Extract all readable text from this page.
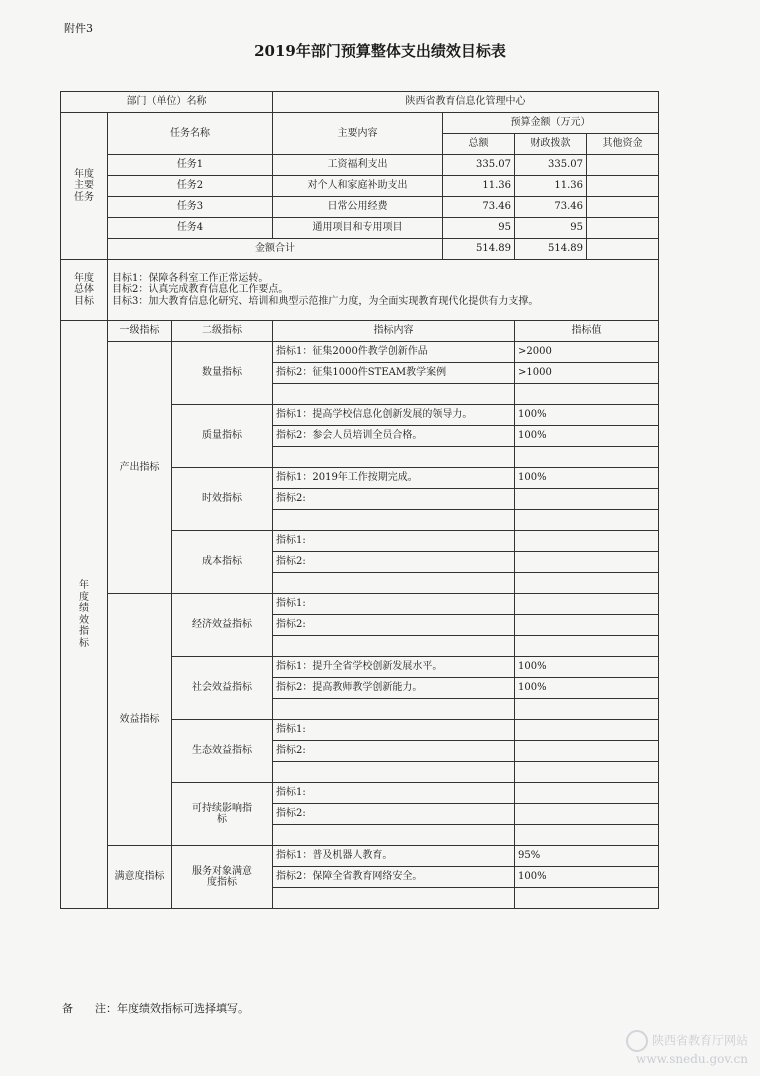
附件3
2019年部门预算整体支出绩效目标表
部门（单位）名称			陕西省教育信息化管理中心			
年度主要任务	任务名称		主要内容	预算金额（万元）		
				总额	财政拨款	其他资金
	任务1		工资福利支出	335.07	335.07	
	任务2		对个人和家庭补助支出	11.36	11.36	
	任务3		日常公用经费	73.46	73.46	
	任务4		通用项目和专用项目	95	95	
	金额合计			514.89	514.89	
年度总体目标	目标1：保障各科室工作正常运转。
目标2：认真完成教育信息化工作要点。
目标3：加大教育信息化研究、培训和典型示范推广力度，为全面实现教育现代化提供有力支撑。					

年度绩效指标	一级指标	二级指标	指标内容		指标值	
	产出指标	数量指标	指标1：征集2000件教学创新作品		>2000	
			指标2：征集1000件STEAM教学案例		>1000	

		质量指标	指标1：提高学校信息化创新发展的领导力。		100%	
			指标2：参会人员培训全员合格。		100%	

		时效指标	指标1：2019年工作按期完成。		100%	
			指标2:			

		成本指标	指标1:			
			指标2:			

	效益指标	经济效益指标	指标1:			
			指标2:			

		社会效益指标	指标1：提升全省学校创新发展水平。		100%	
			指标2：提高教师教学创新能力。		100%	

		生态效益指标	指标1:			
			指标2:			

		可持续影响指标	指标1:			
			指标2:			

	满意度指标	服务对象满意度指标	指标1：普及机器人教育。		95%	
			指标2：保障全省教育网络安全。		100%	

备　　注：年度绩效指标可选择填写。
陕西省教育厅网站
www.snedu.gov.cn
